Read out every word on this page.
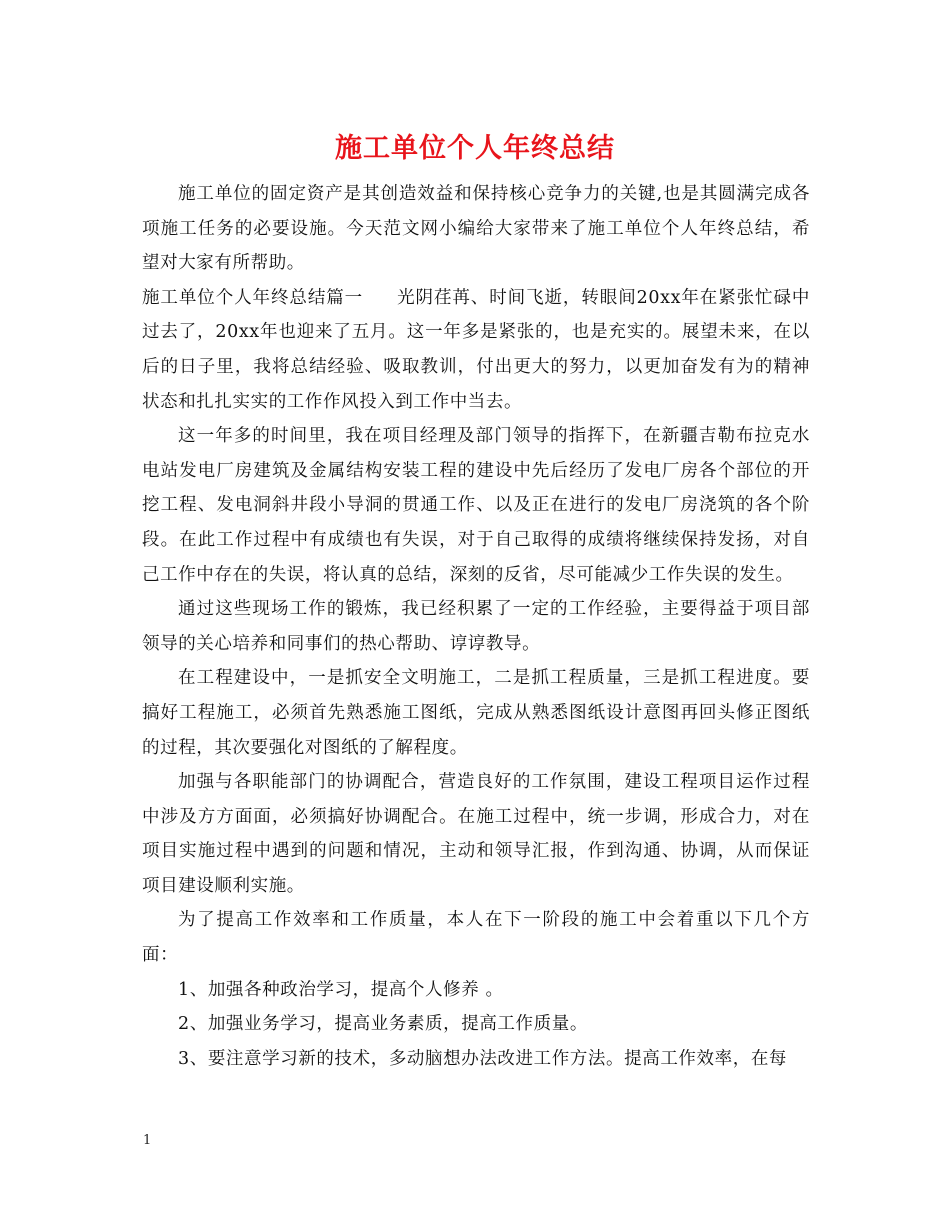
施工单位个人年终总结

施工单位的固定资产是其创造效益和保持核心竞争力的关键,也是其圆满完成各项施工任务的必要设施。今天范文网小编给大家带来了施工单位个人年终总结，希望对大家有所帮助。

施工单位个人年终总结篇一 光阴荏苒、时间飞逝，转眼间20xx年在紧张忙碌中过去了，20xx年也迎来了五月。这一年多是紧张的，也是充实的。展望未来，在以后的日子里，我将总结经验、吸取教训，付出更大的努力，以更加奋发有为的精神状态和扎扎实实的工作作风投入到工作中当去。

这一年多的时间里，我在项目经理及部门领导的指挥下，在新疆吉勒布拉克水电站发电厂房建筑及金属结构安装工程的建设中先后经历了发电厂房各个部位的开挖工程、发电洞斜井段小导洞的贯通工作、以及正在进行的发电厂房浇筑的各个阶段。在此工作过程中有成绩也有失误，对于自己取得的成绩将继续保持发扬，对自己工作中存在的失误，将认真的总结，深刻的反省，尽可能减少工作失误的发生。

通过这些现场工作的锻炼，我已经积累了一定的工作经验，主要得益于项目部领导的关心培养和同事们的热心帮助、谆谆教导。

在工程建设中，一是抓安全文明施工，二是抓工程质量，三是抓工程进度。要搞好工程施工，必须首先熟悉施工图纸，完成从熟悉图纸设计意图再回头修正图纸的过程，其次要强化对图纸的了解程度。

加强与各职能部门的协调配合，营造良好的工作氛围，建设工程项目运作过程中涉及方方面面，必须搞好协调配合。在施工过程中，统一步调，形成合力，对在项目实施过程中遇到的问题和情况，主动和领导汇报，作到沟通、协调，从而保证项目建设顺利实施。

为了提高工作效率和工作质量，本人在下一阶段的施工中会着重以下几个方面：

1、加强各种政治学习，提高个人修养 。

2、加强业务学习，提高业务素质，提高工作质量。

3、要注意学习新的技术，多动脑想办法改进工作方法。提高工作效率，在每

1
